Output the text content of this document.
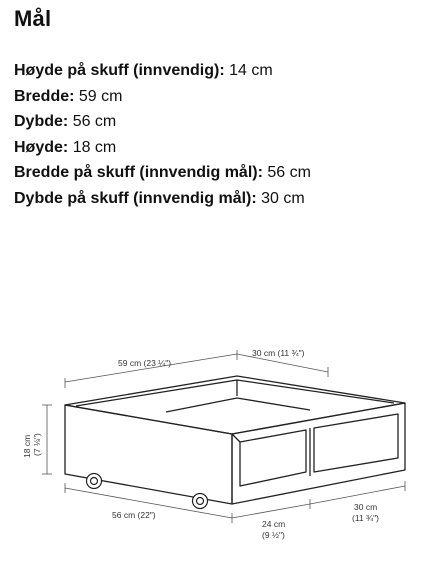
Mål
Høyde på skuff (innvendig): 14 cm
Bredde: 59 cm
Dybde: 56 cm
Høyde: 18 cm
Bredde på skuff (innvendig mål): 56 cm
Dybde på skuff (innvendig mål): 30 cm
59 cm (23 ¼")
30 cm (11 ¾")
18 cm (7 ⅛")
56 cm (22")
24 cm
(9 ½")
30 cm
(11 ¾")
